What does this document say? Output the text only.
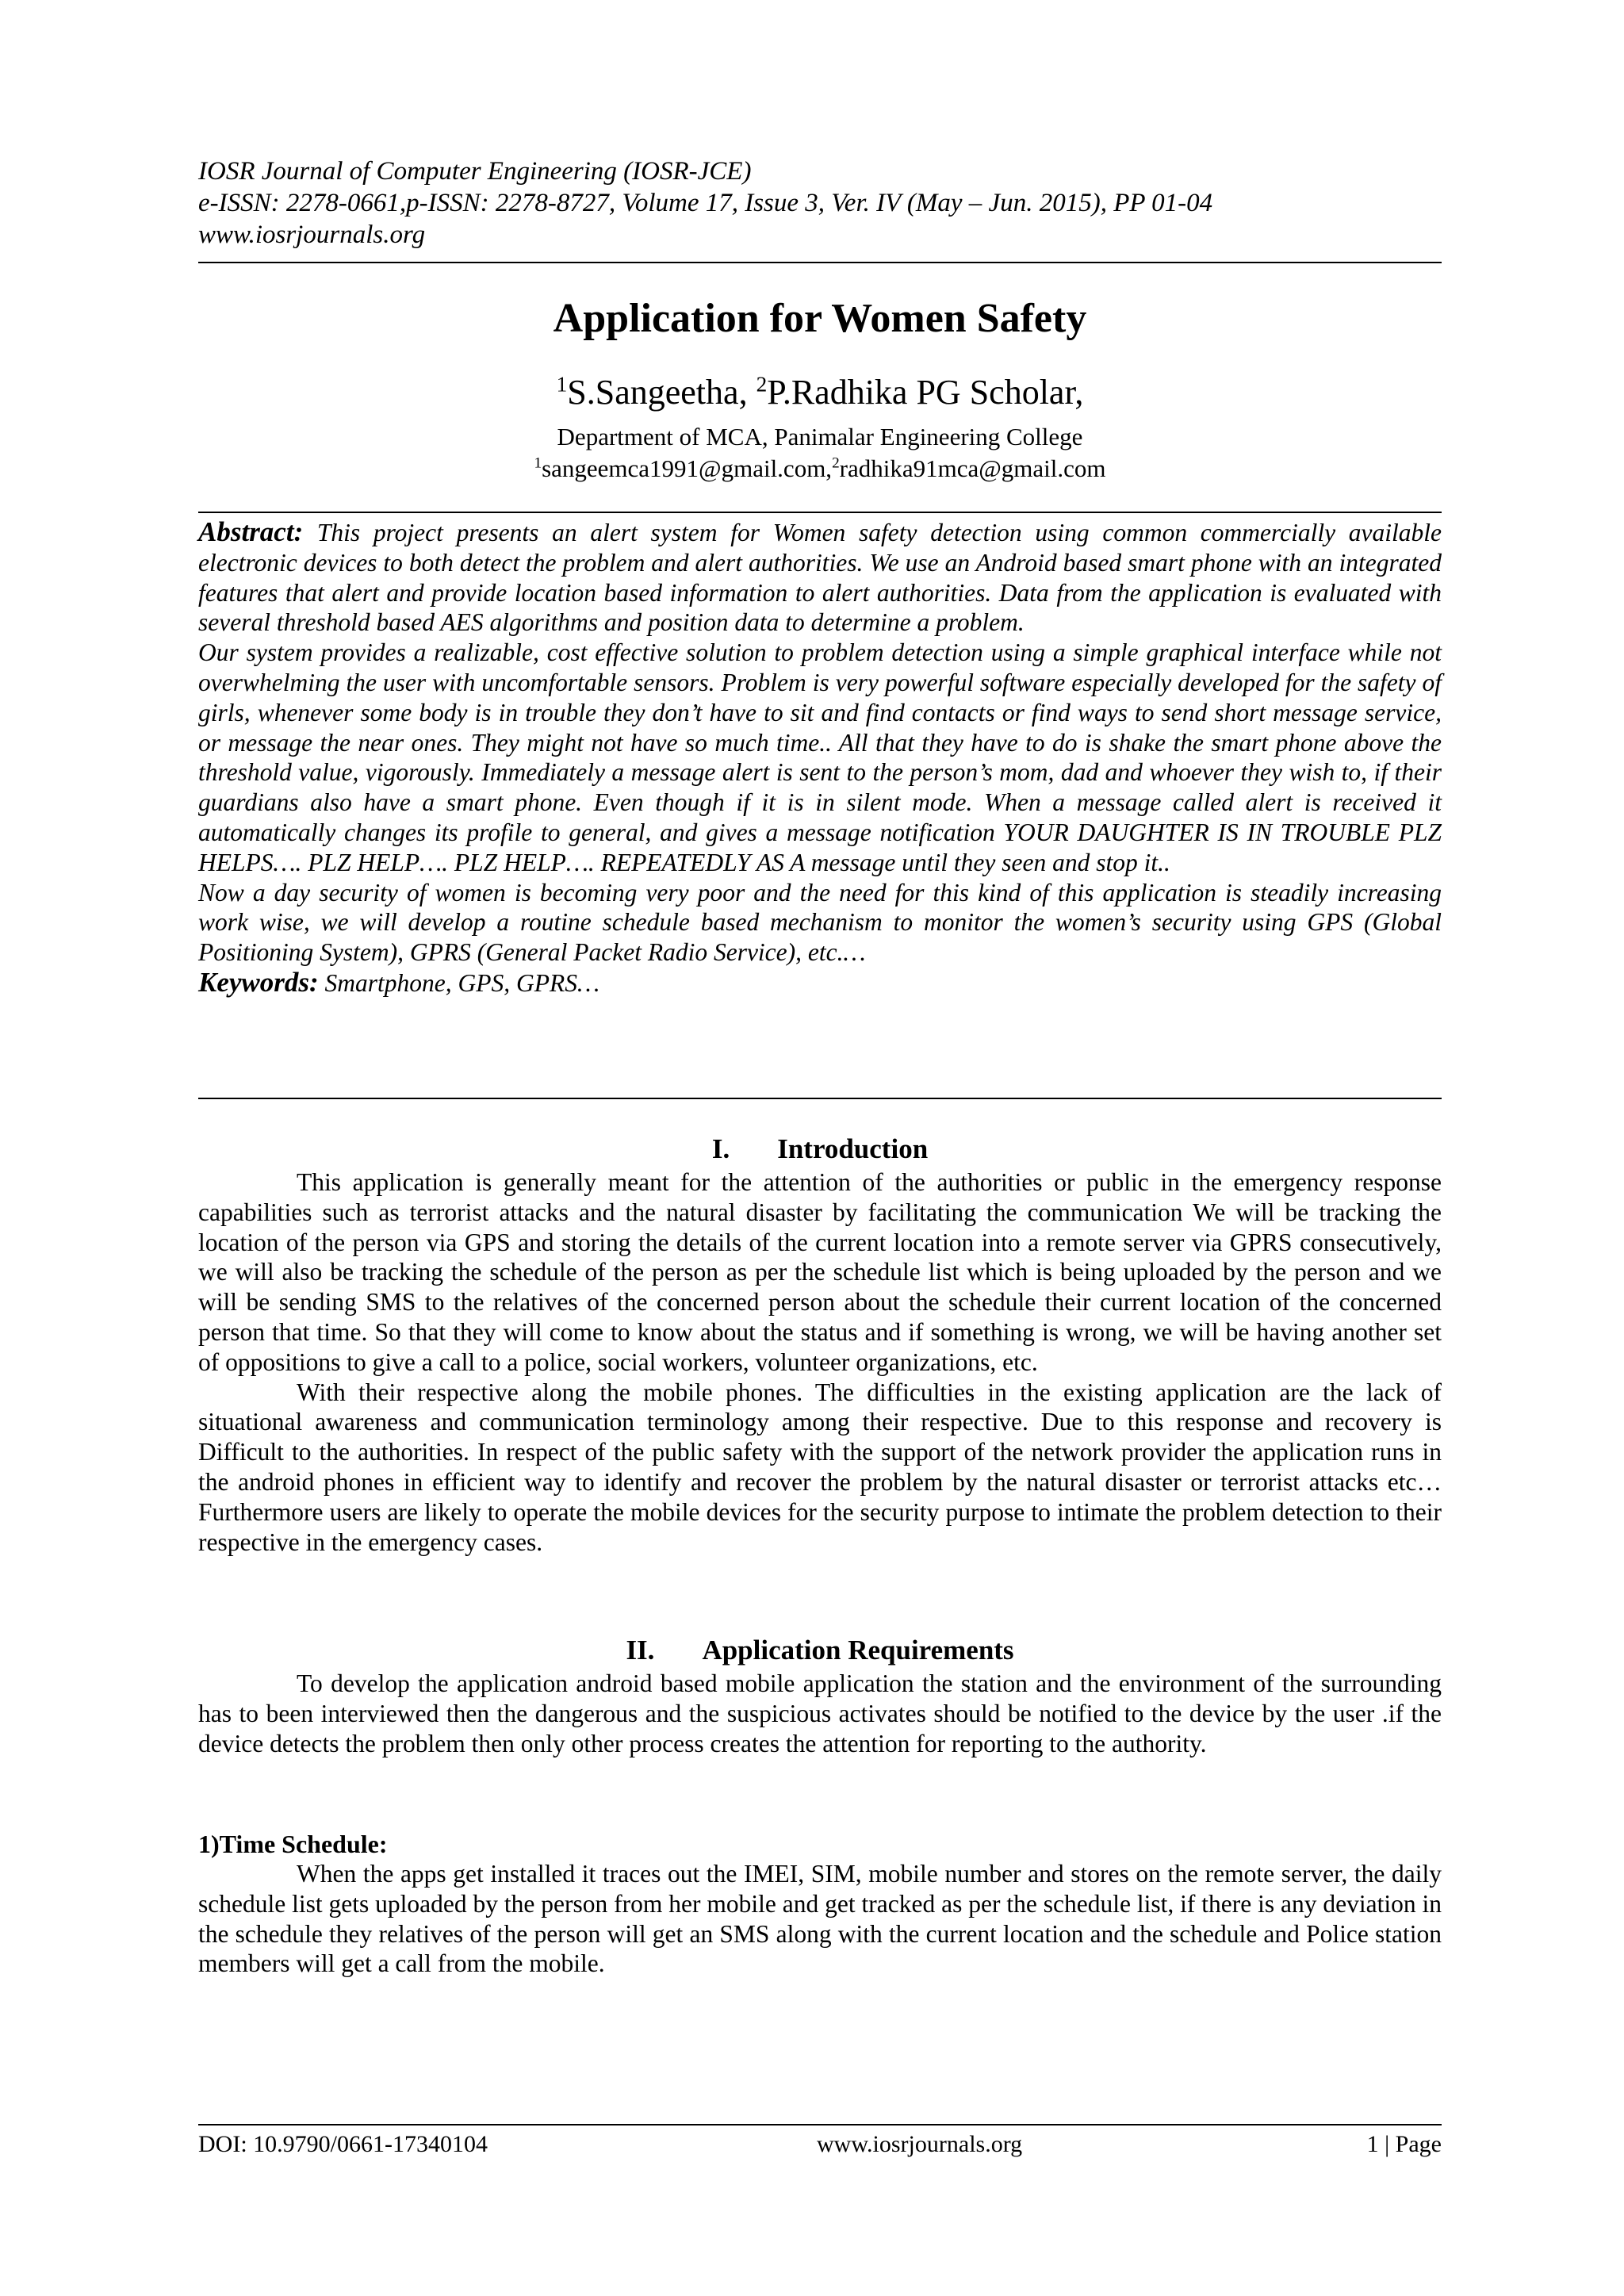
IOSR Journal of Computer Engineering (IOSR-JCE)
e-ISSN: 2278-0661,p-ISSN: 2278-8727, Volume 17, Issue 3, Ver. IV (May – Jun. 2015), PP 01-04
www.iosrjournals.org
Application for Women Safety
$^1$S.Sangeetha, $^2$P.Radhika PG Scholar,
Department of MCA, Panimalar Engineering College
$^1$sangeemca1991@gmail.com,$^2$radhika91mca@gmail.com

Abstract: This project presents an alert system for Women safety detection using common commercially available electronic devices to both detect the problem and alert authorities. We use an Android based smart phone with an integrated features that alert and provide location based information to alert authorities. Data from the application is evaluated with several threshold based AES algorithms and position data to determine a problem.

Our system provides a realizable, cost effective solution to problem detection using a simple graphical interface while not overwhelming the user with uncomfortable sensors. Problem is very powerful software especially developed for the safety of girls, whenever some body is in trouble they don’t have to sit and find contacts or find ways to send short message service, or message the near ones. They might not have so much time.. All that they have to do is shake the smart phone above the threshold value, vigorously. Immediately a message alert is sent to the person’s mom, dad and whoever they wish to, if their guardians also have a smart phone. Even though if it is in silent mode. When a message called alert is received it automatically changes its profile to general, and gives a message notification YOUR DAUGHTER IS IN TROUBLE PLZ HELPS…. PLZ HELP…. PLZ HELP…. REPEATEDLY AS A message until they seen and stop it..

Now a day security of women is becoming very poor and the need for this kind of this application is steadily increasing work wise, we will develop a routine schedule based mechanism to monitor the women’s security using GPS (Global Positioning System), GPRS (General Packet Radio Service), etc.…

Keywords: Smartphone, GPS, GPRS…

I. Introduction

This application is generally meant for the attention of the authorities or public in the emergency response capabilities such as terrorist attacks and the natural disaster by facilitating the communication We will be tracking the location of the person via GPS and storing the details of the current location into a remote server via GPRS consecutively, we will also be tracking the schedule of the person as per the schedule list which is being uploaded by the person and we will be sending SMS to the relatives of the concerned person about the schedule their current location of the concerned person that time. So that they will come to know about the status and if something is wrong, we will be having another set of oppositions to give a call to a police, social workers, volunteer organizations, etc.

With their respective along the mobile phones. The difficulties in the existing application are the lack of situational awareness and communication terminology among their respective. Due to this response and recovery is Difficult to the authorities. In respect of the public safety with the support of the network provider the application runs in the android phones in efficient way to identify and recover the problem by the natural disaster or terrorist attacks etc… Furthermore users are likely to operate the mobile devices for the security purpose to intimate the problem detection to their respective in the emergency cases.

II. Application Requirements

To develop the application android based mobile application the station and the environment of the surrounding has to been interviewed then the dangerous and the suspicious activates should be notified to the device by the user .if the device detects the problem then only other process creates the attention for reporting to the authority.

1)Time Schedule:

When the apps get installed it traces out the IMEI, SIM, mobile number and stores on the remote server, the daily schedule list gets uploaded by the person from her mobile and get tracked as per the schedule list, if there is any deviation in the schedule they relatives of the person will get an SMS along with the current location and the schedule and Police station members will get a call from the mobile.

DOI: 10.9790/0661-17340104	www.iosrjournals.org	1 | Page
